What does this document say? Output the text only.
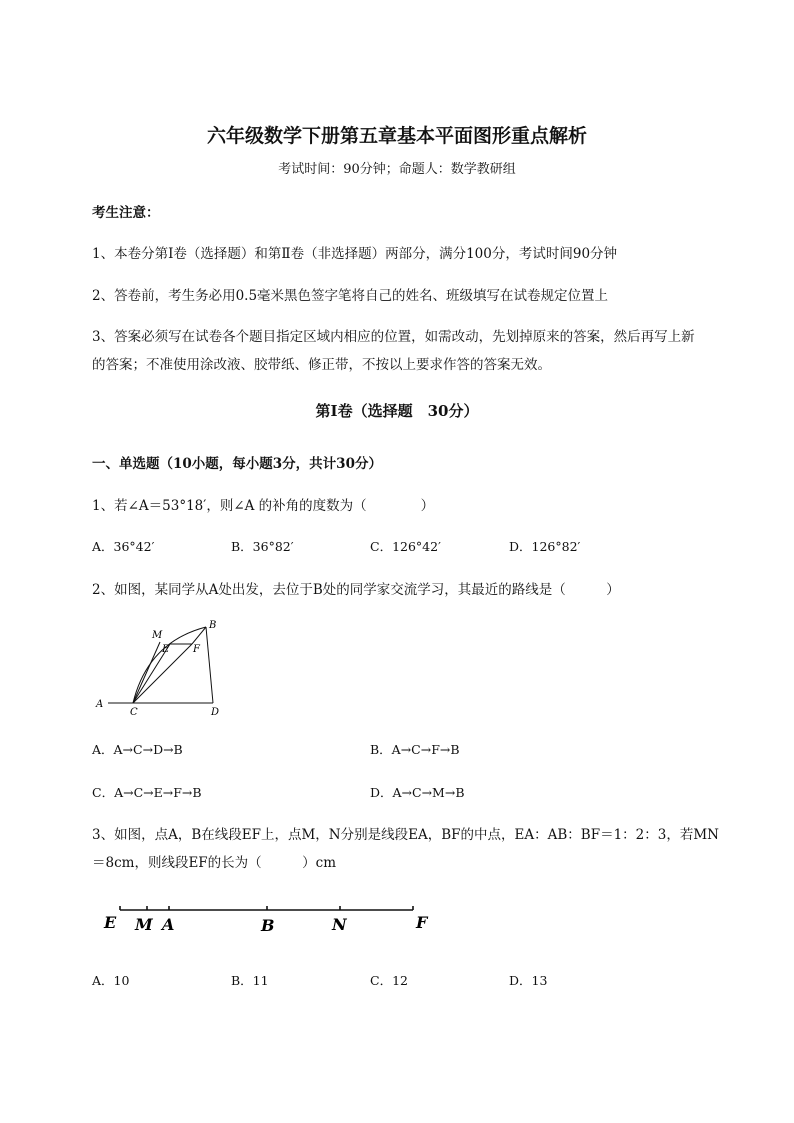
六年级数学下册第五章基本平面图形重点解析
考试时间：90分钟；命题人：数学教研组
考生注意：
1、本卷分第Ⅰ卷（选择题）和第Ⅱ卷（非选择题）两部分，满分100分，考试时间90分钟
2、答卷前，考生务必用0.5毫米黑色签字笔将自己的姓名、班级填写在试卷规定位置上
3、答案必须写在试卷各个题目指定区域内相应的位置，如需改动，先划掉原来的答案，然后再写上新
的答案；不准使用涂改液、胶带纸、修正带，不按以上要求作答的答案无效。
第Ⅰ卷（选择题　30分）
一、单选题（10小题，每小题3分，共计30分）
1、若∠A＝53°18′，则∠A 的补角的度数为（　　　　）
A．36°42′	B．36°82′	C．126°42′	D．126°82′
2、如图，某同学从A处出发，去位于B处的同学家交流学习，其最近的路线是（　　　）
A
C	D
B
M
E F
A．A→C→D→B	B．A→C→F→B
C．A→C→E→F→B	D．A→C→M→B
3、如图，点A，B在线段EF上，点M，N分别是线段EA，BF的中点，EA：AB：BF＝1：2：3，若MN
＝8cm，则线段EF的长为（　　　）cm
E M A	B	N	F
A．10	B．11	C．12	D．13
